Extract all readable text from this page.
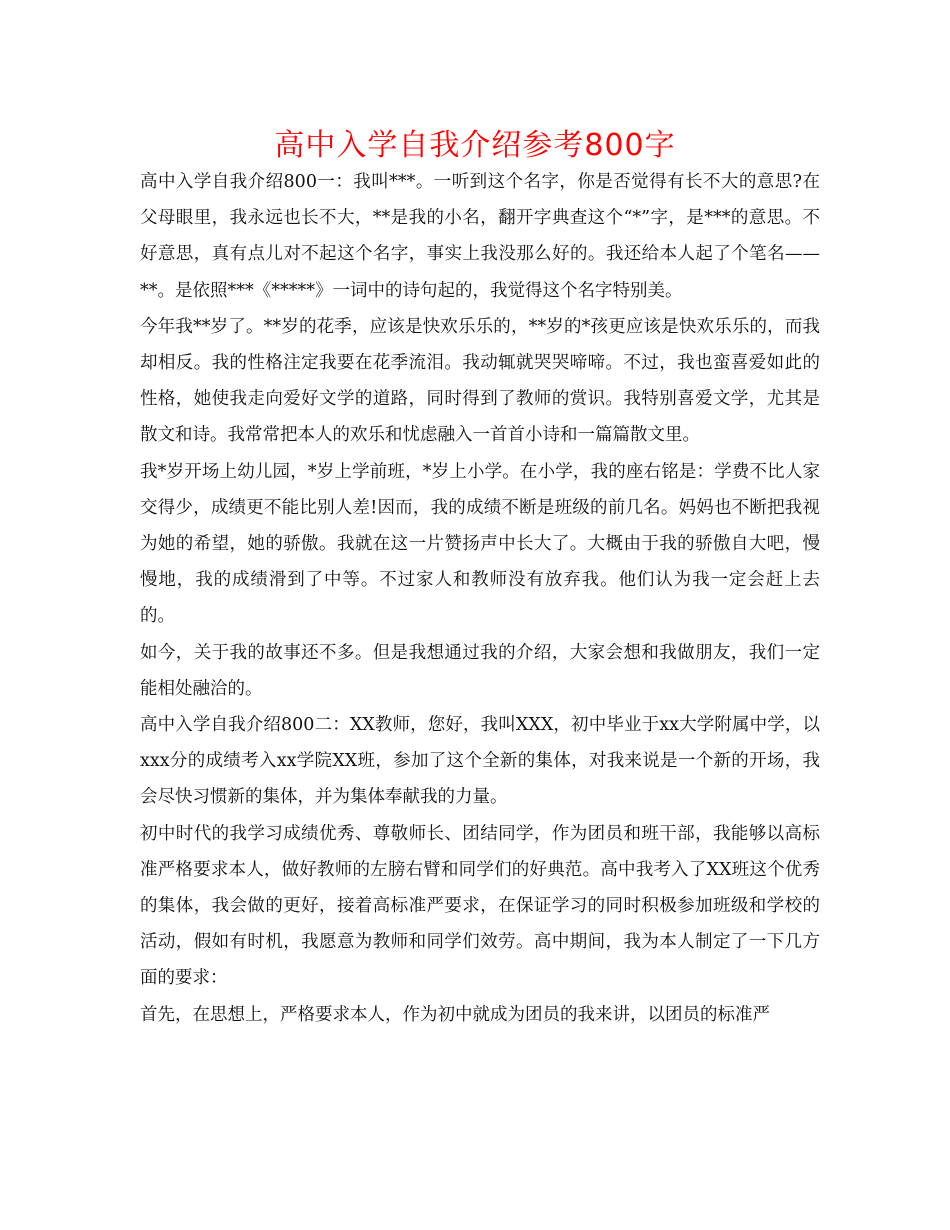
高中入学自我介绍参考800字

高中入学自我介绍800一：我叫***。一听到这个名字，你是否觉得有长不大的意思?在父母眼里，我永远也长不大，**是我的小名，翻开字典查这个“*”字，是***的意思。不好意思，真有点儿对不起这个名字，事实上我没那么好的。我还给本人起了个笔名——**。是依照***《*****》一词中的诗句起的，我觉得这个名字特别美。

今年我**岁了。**岁的花季，应该是快欢乐乐的，**岁的*孩更应该是快欢乐乐的，而我却相反。我的性格注定我要在花季流泪。我动辄就哭哭啼啼。不过，我也蛮喜爱如此的性格，她使我走向爱好文学的道路，同时得到了教师的赏识。我特别喜爱文学，尤其是散文和诗。我常常把本人的欢乐和忧虑融入一首首小诗和一篇篇散文里。

我*岁开场上幼儿园，*岁上学前班，*岁上小学。在小学，我的座右铭是：学费不比人家交得少，成绩更不能比别人差!因而，我的成绩不断是班级的前几名。妈妈也不断把我视为她的希望，她的骄傲。我就在这一片赞扬声中长大了。大概由于我的骄傲自大吧，慢慢地，我的成绩滑到了中等。不过家人和教师没有放弃我。他们认为我一定会赶上去的。

如今，关于我的故事还不多。但是我想通过我的介绍，大家会想和我做朋友，我们一定能相处融洽的。

高中入学自我介绍800二：XX教师，您好，我叫XXX，初中毕业于xx大学附属中学，以xxx分的成绩考入xx学院XX班，参加了这个全新的集体，对我来说是一个新的开场，我会尽快习惯新的集体，并为集体奉献我的力量。

初中时代的我学习成绩优秀、尊敬师长、团结同学，作为团员和班干部，我能够以高标准严格要求本人，做好教师的左膀右臂和同学们的好典范。高中我考入了XX班这个优秀的集体，我会做的更好，接着高标准严要求，在保证学习的同时积极参加班级和学校的活动，假如有时机，我愿意为教师和同学们效劳。高中期间，我为本人制定了一下几方面的要求：

首先，在思想上，严格要求本人，作为初中就成为团员的我来讲，以团员的标准严
